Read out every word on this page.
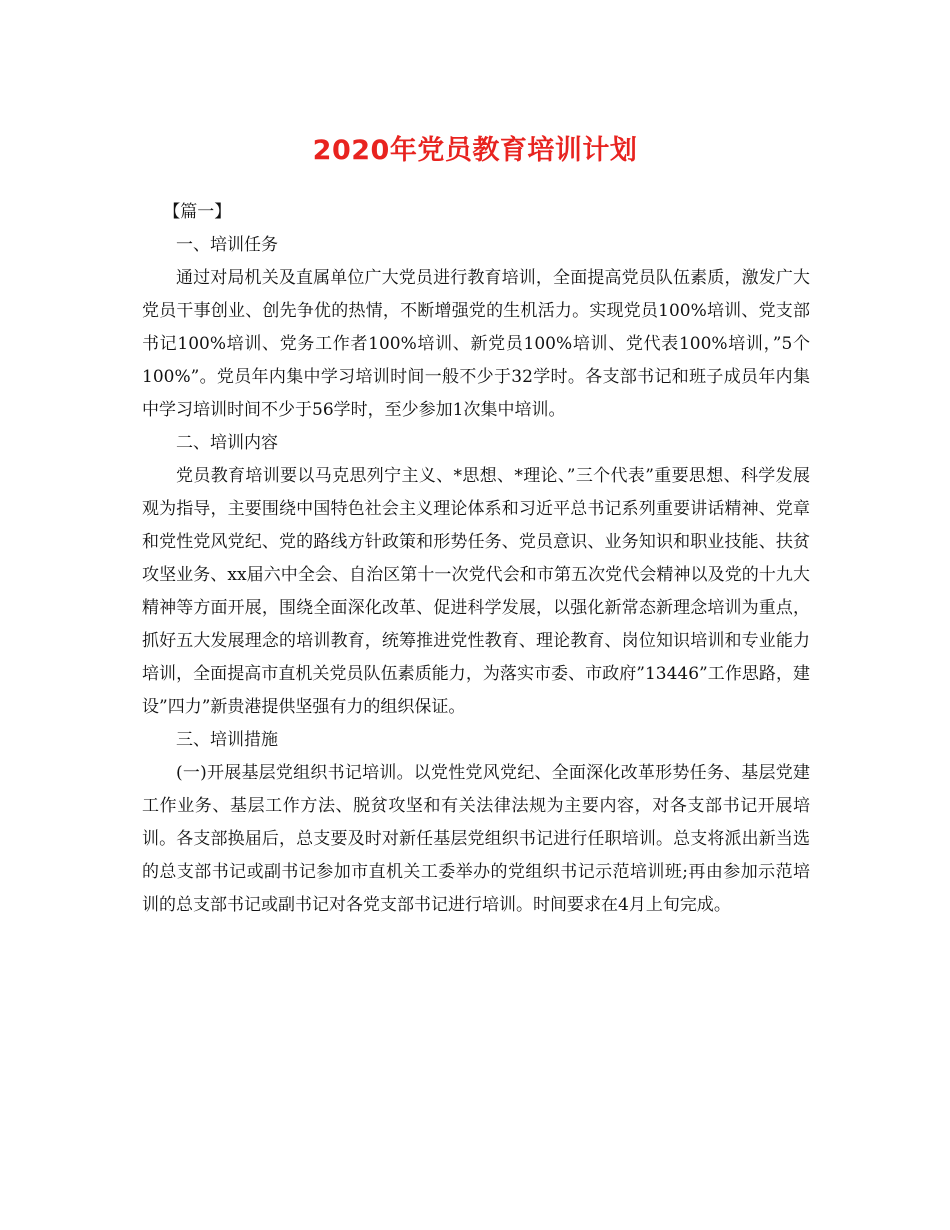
2020年党员教育培训计划

【篇一】

一、培训任务

通过对局机关及直属单位广大党员进行教育培训，全面提高党员队伍素质，激发广大党员干事创业、创先争优的热情，不断增强党的生机活力。实现党员100%培训、党支部书记100%培训、党务工作者100%培训、新党员100%培训、党代表100%培训，”5个100%”。党员年内集中学习培训时间一般不少于32学时。各支部书记和班子成员年内集中学习培训时间不少于56学时，至少参加1次集中培训。

二、培训内容

党员教育培训要以马克思列宁主义、*思想、*理论、”三个代表”重要思想、科学发展观为指导，主要围绕中国特色社会主义理论体系和习近平总书记系列重要讲话精神、党章和党性党风党纪、党的路线方针政策和形势任务、党员意识、业务知识和职业技能、扶贫攻坚业务、xx届六中全会、自治区第十一次党代会和市第五次党代会精神以及党的十九大精神等方面开展，围绕全面深化改革、促进科学发展，以强化新常态新理念培训为重点，抓好五大发展理念的培训教育，统筹推进党性教育、理论教育、岗位知识培训和专业能力培训，全面提高市直机关党员队伍素质能力，为落实市委、市政府”13446”工作思路，建设”四力”新贵港提供坚强有力的组织保证。

三、培训措施

(一)开展基层党组织书记培训。以党性党风党纪、全面深化改革形势任务、基层党建工作业务、基层工作方法、脱贫攻坚和有关法律法规为主要内容，对各支部书记开展培训。各支部换届后，总支要及时对新任基层党组织书记进行任职培训。总支将派出新当选的总支部书记或副书记参加市直机关工委举办的党组织书记示范培训班;再由参加示范培训的总支部书记或副书记对各党支部书记进行培训。时间要求在4月上旬完成。
